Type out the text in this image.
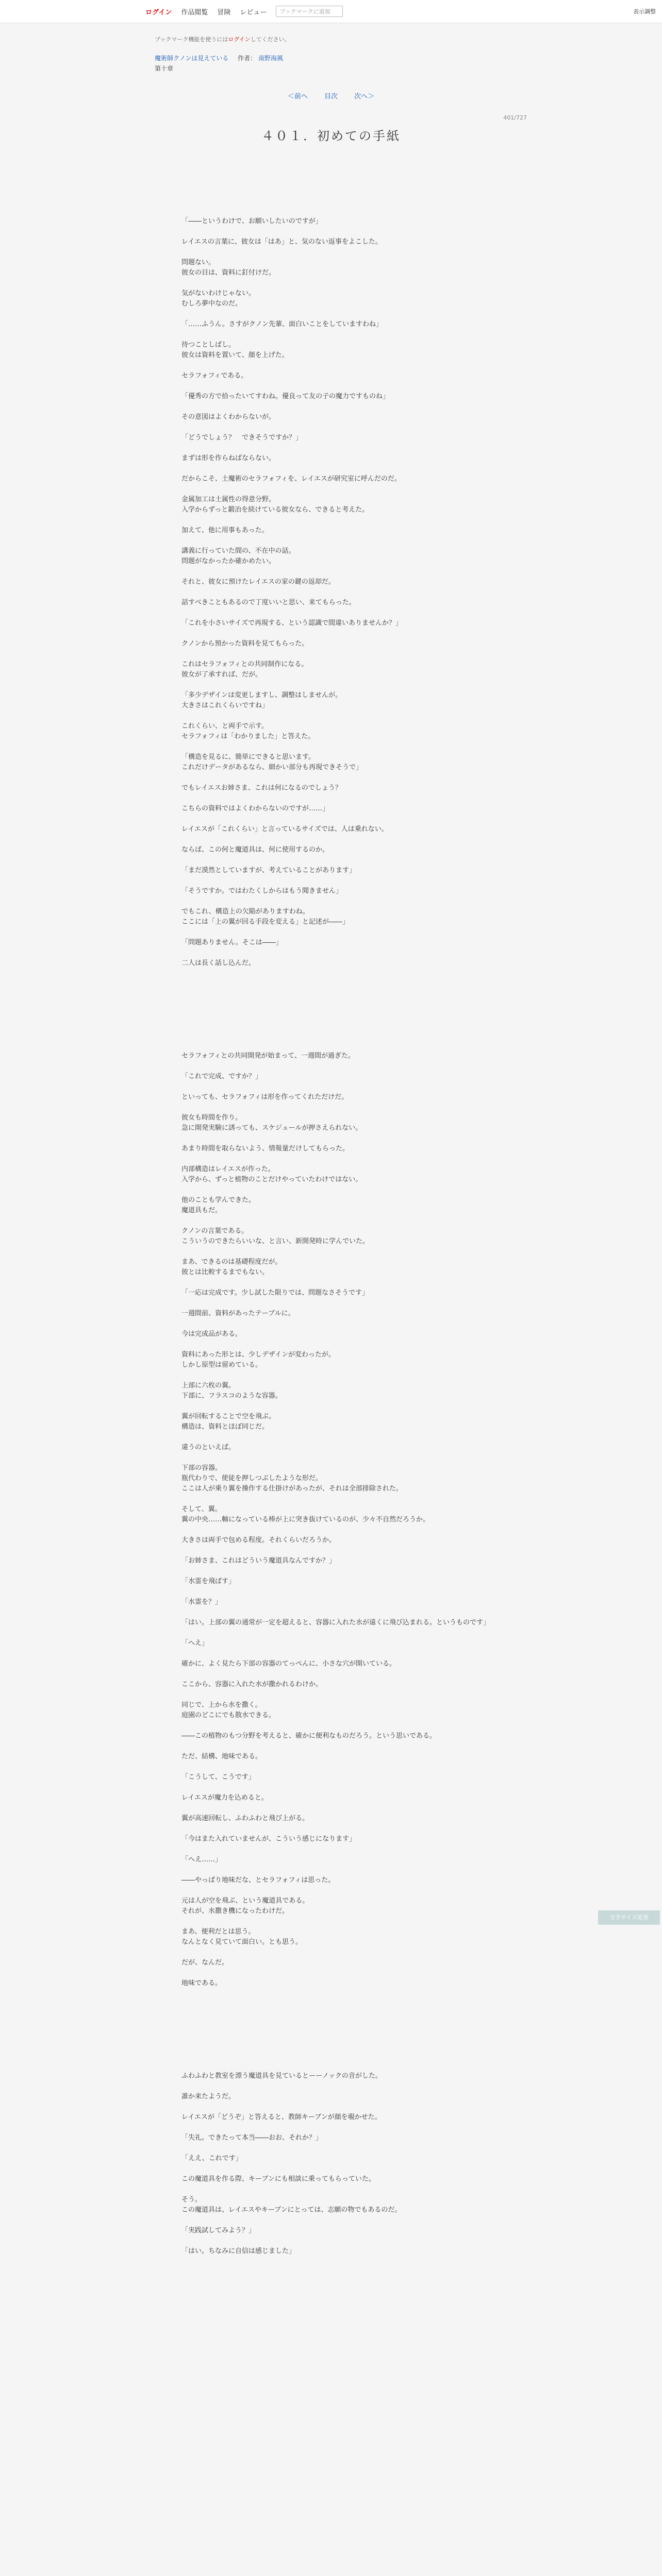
ログイン 作品閲覧 冒険 レビュー	ブックマークに追加	表示調整
ブックマーク機能を使うにはログインしてください。
魔術師クノンは見えている 作者： 南野海風
第十章
＜前へ 目次 次へ＞
401/727
４０１．初めての手紙

「――というわけで、お願いしたいのですが」

レイエスの言葉に、彼女は「はあ」と、気のない返事をよこした。

問題ない。
彼女の目は、資料に釘付けだ。

気がないわけじゃない。
むしろ夢中なのだ。

「……ふうん。さすがクノン先輩、面白いことをしていますわね」

待つことしばし。
彼女は資料を置いて、顔を上げた。

セラフォフィである。

「優秀の方で拾ったいてすわね。優良って友の子の魔力ですものね」

その意図はよくわからないが。

「どうでしょう？　できそうですか？」

まずは形を作らねばならない。

だからこそ、土魔術のセラフォフィを、レイエスが研究室に呼んだのだ。

金属加工は土属性の得意分野。
入学からずっと鍛冶を続けている彼女なら、できると考えた。

加えて、他に用事もあった。

講義に行っていた間の、不在中の話。
問題がなかったか確かめたい。

それと、彼女に預けたレイエスの家の鍵の返却だ。

話すべきこともあるので丁度いいと思い、来てもらった。

「これを小さいサイズで再現する、という認識で間違いありませんか？」

クノンから預かった資料を見てもらった。

これはセラフォフィとの共同制作になる。
彼女が了承すれば、だが。

「多少デザインは変更しますし、調整はしませんが。
大きさはこれくらいですね」

これくらい、と両手で示す。
セラフォフィは「わかりました」と答えた。

「構造を見るに、簡単にできると思います。
これだけデータがあるなら、細かい部分も再現できそうで」

でもレイエスお姉さま、これは何になるのでしょう？

こちらの資料ではよくわからないのですが……」

レイエスが「これくらい」と言っているサイズでは、人は乗れない。

ならば、この何と魔道具は、何に使用するのか。

「まだ漠然としていますが、考えていることがあります」

「そうですか。ではわたくしからはもう聞きません」

でもこれ、構造上の欠陥がありますわね。
ここには「上の翼が回る手段を変える」と記述が――」

「問題ありません。そこは――」

二人は長く話し込んだ。

セラフォフィとの共同開発が始まって、一週間が過ぎた。

「これで完成、ですか？」

といっても、セラフォフィは形を作ってくれただけだ。

彼女も時間を作り。
急に開発実験に誘っても、スケジュールが押さえられない。

あまり時間を取らないよう、情報量だけしてもらった。

内部構造はレイエスが作った。
入学から、ずっと植物のことだけやっていたわけではない。

他のことも学んできた。
魔道具もだ。

クノンの言葉である。
こういうのできたらいいな、と言い、新開発時に学んでいた。

まあ、できるのは基礎程度だが。
彼とは比較するまでもない。

「一応は完成です。少し試した限りでは、問題なさそうです」

一週間前、資料があったテーブルに。

今は完成品がある。

資料にあった形とは、少しデザインが変わったが。
しかし原型は留めている。

上部に六枚の翼。
下部に、フラスコのような容器。

翼が回転することで空を飛ぶ。
構造は、資料とほぼ同じだ。

違うのといえば。

下部の容器。
瓶代わりで、使徒を押しつぶしたような形だ。
ここは人が乗り翼を操作する仕掛けがあったが、それは全部排除された。

そして、翼。
翼の中央……軸になっている棒が上に突き抜けているのが、少々不自然だろうか。

大きさは両手で包める程度。それくらいだろうか。

「お姉さま、これはどういう魔道具なんですか？」

「水霊を飛ばす」

「水霊を？」

「はい。上部の翼の通常が一定を超えると、容器に入れた水が遠くに飛び込まれる。というものです」

「へえ」

確かに、よく見たら下部の容器のてっぺんに、小さな穴が開いている。

ここから、容器に入れた水が撒かれるわけか。

同じで、上から水を撒く。
庭園のどこにでも散水できる。

――この植物のもつ分野を考えると、確かに便利なものだろう。という思いである。

ただ、結構、地味である。

「こうして、こうです」

レイエスが魔力を込めると。

翼が高速回転し、ふわふわと飛び上がる。

「今はまた入れていませんが、こういう感じになります」

「へえ……」

――やっぱり地味だな、とセラフォフィは思った。

元は人が空を飛ぶ、という魔道具である。
それが、水撒き機になったわけだ。

まあ、便利だとは思う。
なんとなく見ていて面白い。とも思う。

だが、なんだ。

地味である。

ふわふわと教室を漂う魔道具を見ているとーーノックの音がした。

誰か来たようだ。

レイエスが「どうぞ」と答えると、教師キーブンが顔を覗かせた。

「失礼。できたって本当――おお、それか？」

「ええ、これです」

この魔道具を作る際、キーブンにも相談に乗ってもらっていた。

そう。
この魔道具は、レイエスやキーブンにとっては、志願の物でもあるのだ。

「実践試してみよう？」

「はい。ちなみに自信は感じました」

文字サイズ変更
